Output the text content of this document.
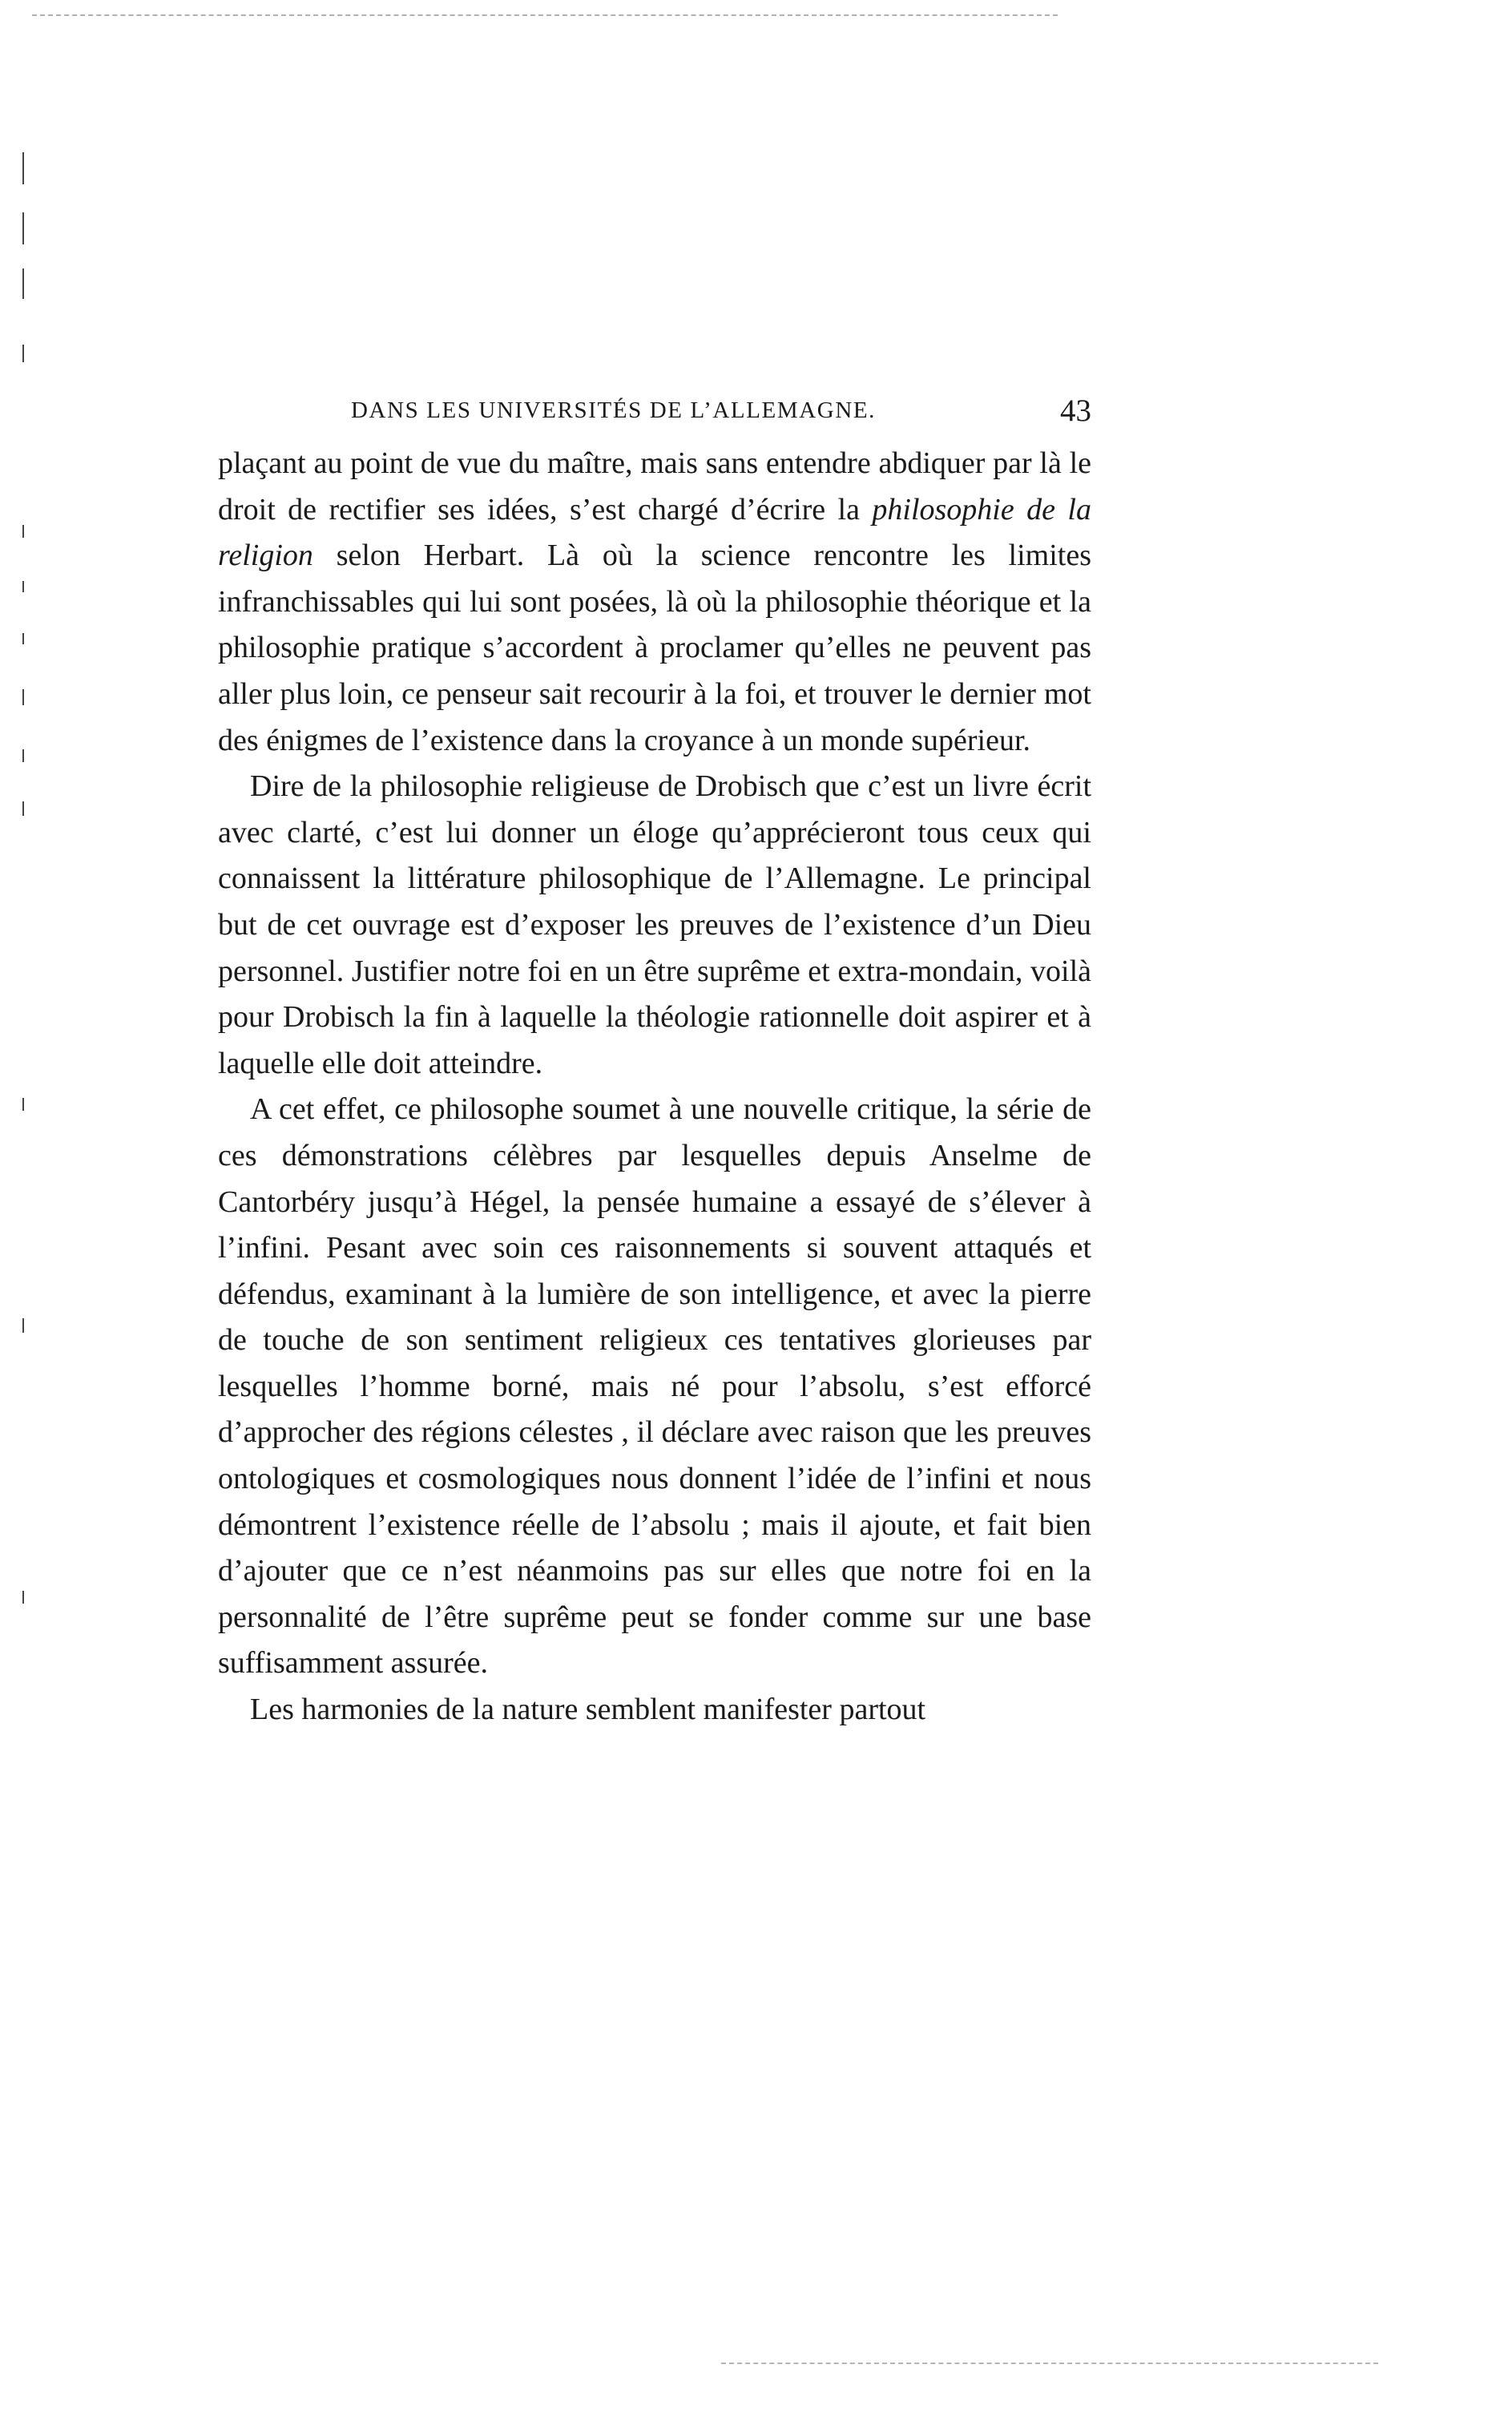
DANS LES UNIVERSITÉS DE L’ALLEMAGNE.	43

plaçant au point de vue du maître, mais sans entendre abdiquer par là le droit de rectifier ses idées, s’est chargé d’écrire la philosophie de la religion selon Herbart. Là où la science rencontre les limites infranchissables qui lui sont posées, là où la philosophie théorique et la philosophie pratique s’accordent à proclamer qu’elles ne peuvent pas aller plus loin, ce penseur sait recourir à la foi, et trouver le dernier mot des énigmes de l’existence dans la croyance à un monde supérieur.

Dire de la philosophie religieuse de Drobisch que c’est un livre écrit avec clarté, c’est lui donner un éloge qu’apprécieront tous ceux qui connaissent la littérature philosophique de l’Allemagne. Le principal but de cet ouvrage est d’exposer les preuves de l’existence d’un Dieu personnel. Justifier notre foi en un être suprême et extra-mondain, voilà pour Drobisch la fin à laquelle la théologie rationnelle doit aspirer et à laquelle elle doit atteindre.

A cet effet, ce philosophe soumet à une nouvelle critique, la série de ces démonstrations célèbres par lesquelles depuis Anselme de Cantorbéry jusqu’à Hégel, la pensée humaine a essayé de s’élever à l’infini. Pesant avec soin ces raisonnements si souvent attaqués et défendus, examinant à la lumière de son intelligence, et avec la pierre de touche de son sentiment religieux ces tentatives glorieuses par lesquelles l’homme borné, mais né pour l’absolu, s’est efforcé d’approcher des régions célestes , il déclare avec raison que les preuves ontologiques et cosmologiques nous donnent l’idée de l’infini et nous démontrent l’existence réelle de l’absolu ; mais il ajoute, et fait bien d’ajouter que ce n’est néanmoins pas sur elles que notre foi en la personnalité de l’être suprême peut se fonder comme sur une base suffisamment assurée.

Les harmonies de la nature semblent manifester partout
